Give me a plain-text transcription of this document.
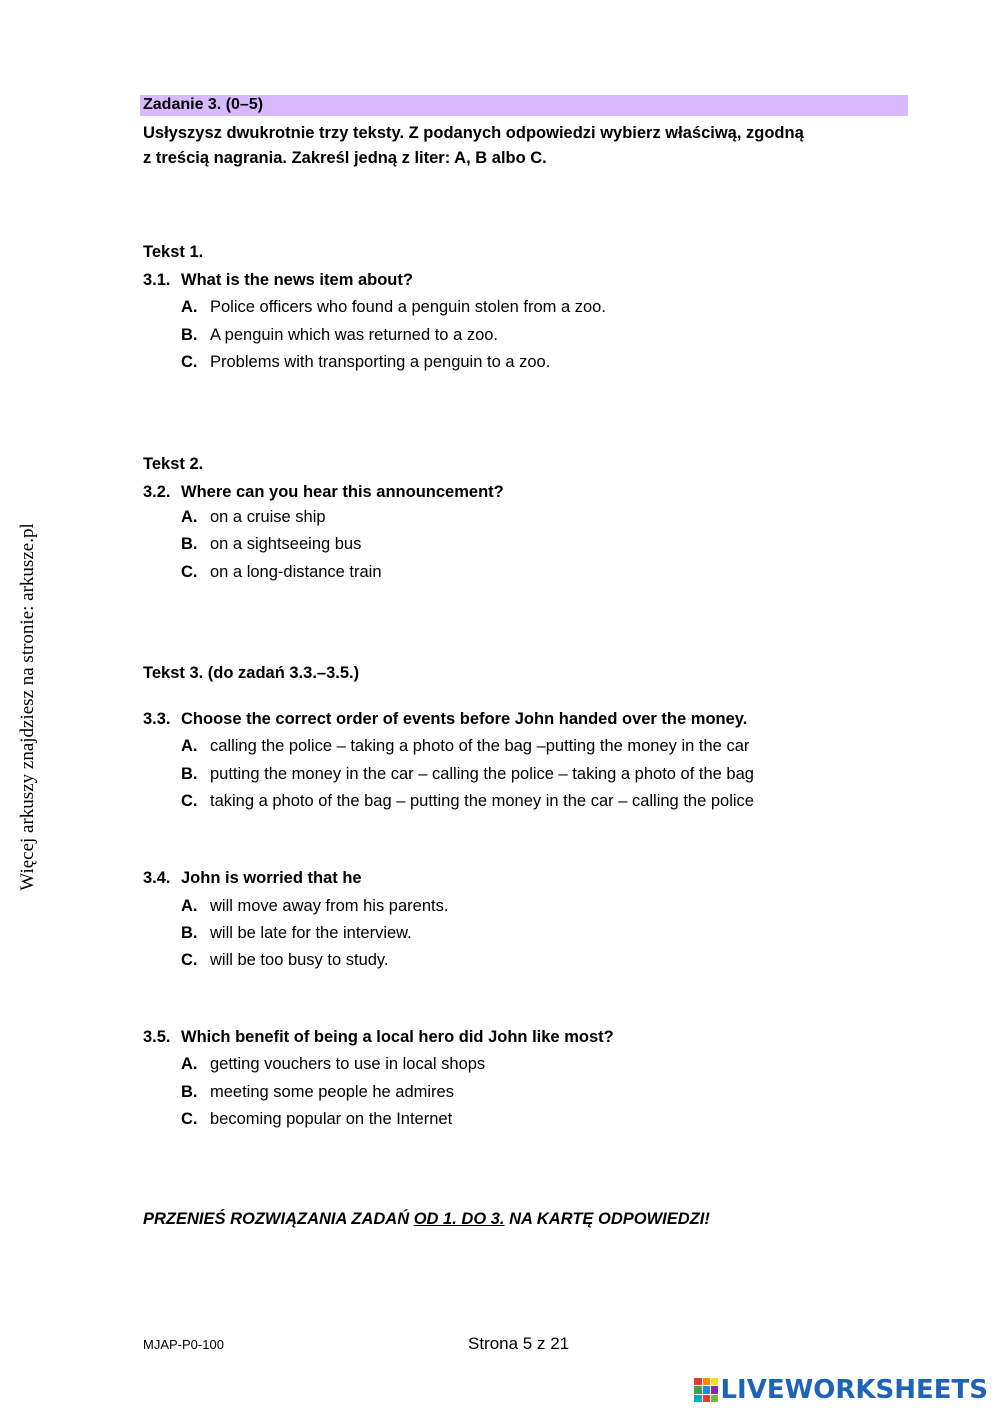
Zadanie 3. (0–5)
Usłyszysz dwukrotnie trzy teksty. Z podanych odpowiedzi wybierz właściwą, zgodną
z treścią nagrania. Zakreśl jedną z liter: A, B albo C.
Tekst 1.
3.1. What is the news item about?
A. Police officers who found a penguin stolen from a zoo.
B. A penguin which was returned to a zoo.
C. Problems with transporting a penguin to a zoo.
Tekst 2.
3.2. Where can you hear this announcement?
A. on a cruise ship
B. on a sightseeing bus
C. on a long-distance train
Tekst 3. (do zadań 3.3.–3.5.)
3.3. Choose the correct order of events before John handed over the money.
A. calling the police – taking a photo of the bag –putting the money in the car
B. putting the money in the car – calling the police – taking a photo of the bag
C. taking a photo of the bag – putting the money in the car – calling the police
3.4. John is worried that he
A. will move away from his parents.
B. will be late for the interview.
C. will be too busy to study.
3.5. Which benefit of being a local hero did John like most?
A. getting vouchers to use in local shops
B. meeting some people he admires
C. becoming popular on the Internet
PRZENIEŚ ROZWIĄZANIA ZADAŃ OD 1. DO 3. NA KARTĘ ODPOWIEDZI!
MJAP-P0-100	Strona 5 z 21
Więcej arkuszy znajdziesz na stronie: arkusze.pl
LIVEWORKSHEETS
